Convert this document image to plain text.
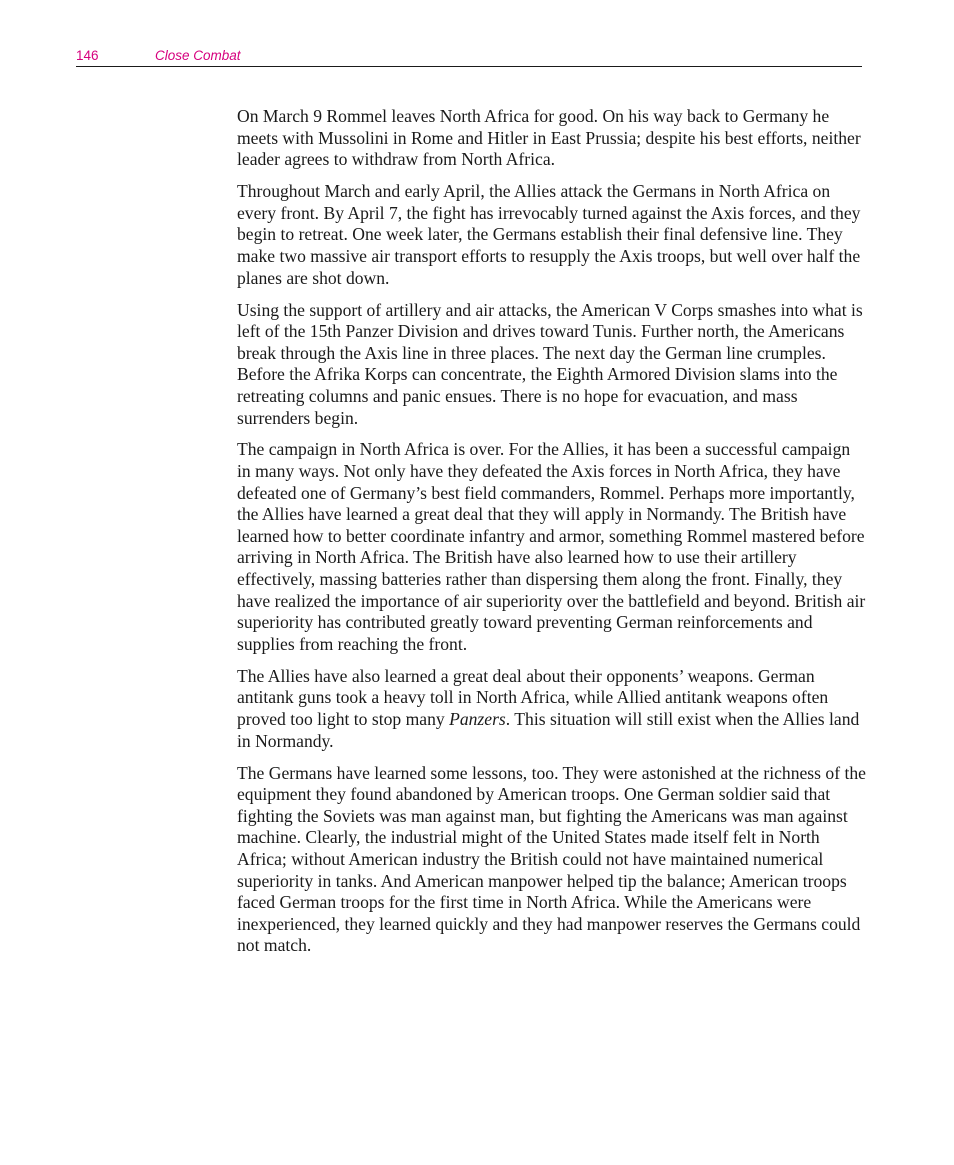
146	Close Combat

On March 9 Rommel leaves North Africa for good. On his way back to Germany he meets with Mussolini in Rome and Hitler in East Prussia; despite his best efforts, neither leader agrees to withdraw from North Africa.

Throughout March and early April, the Allies attack the Germans in North Africa on every front. By April 7, the fight has irrevocably turned against the Axis forces, and they begin to retreat. One week later, the Germans establish their final defensive line. They make two massive air transport efforts to resupply the Axis troops, but well over half the planes are shot down.

Using the support of artillery and air attacks, the American V Corps smashes into what is left of the 15th Panzer Division and drives toward Tunis. Further north, the Americans break through the Axis line in three places. The next day the German line crumples. Before the Afrika Korps can concentrate, the Eighth Armored Division slams into the retreating columns and panic ensues. There is no hope for evacuation, and mass surrenders begin.

The campaign in North Africa is over. For the Allies, it has been a successful campaign in many ways. Not only have they defeated the Axis forces in North Africa, they have defeated one of Germany’s best field commanders, Rommel. Perhaps more importantly, the Allies have learned a great deal that they will apply in Normandy. The British have learned how to better coordinate infantry and armor, something Rommel mastered before arriving in North Africa. The British have also learned how to use their artillery effectively, massing batteries rather than dispersing them along the front. Finally, they have realized the importance of air superiority over the battlefield and beyond. British air superiority has contributed greatly toward preventing German reinforcements and supplies from reaching the front.

The Allies have also learned a great deal about their opponents’ weapons. German antitank guns took a heavy toll in North Africa, while Allied antitank weapons often proved too light to stop many Panzers. This situation will still exist when the Allies land in Normandy.

The Germans have learned some lessons, too. They were astonished at the richness of the equipment they found abandoned by American troops. One German soldier said that fighting the Soviets was man against man, but fighting the Americans was man against machine. Clearly, the industrial might of the United States made itself felt in North Africa; without American industry the British could not have maintained numerical superiority in tanks. And American manpower helped tip the balance; American troops faced German troops for the first time in North Africa. While the Americans were inexperienced, they learned quickly and they had manpower reserves the Germans could not match.
